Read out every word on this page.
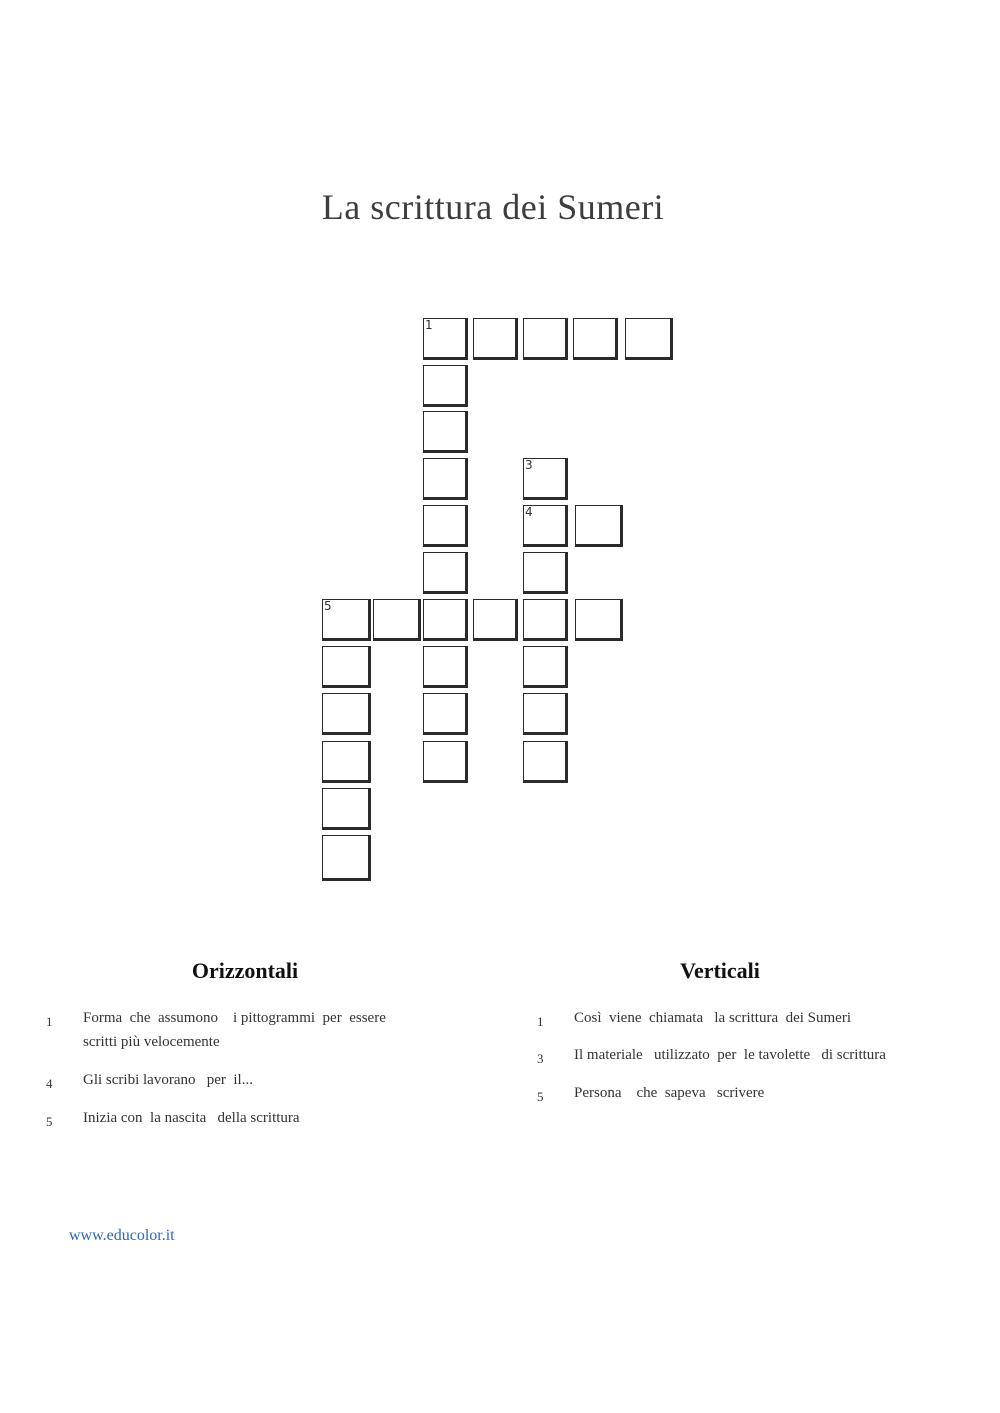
La scrittura dei Sumeri
1
3
4
5
Orizzontali	Verticali
1	Forma  che  assumono    i pittogrammi  per  essere
scritti più velocemente
4	Gli scribi lavorano   per  il...
5	Inizia con  la nascita   della scrittura
1	Così  viene  chiamata   la scrittura  dei Sumeri
3	Il materiale   utilizzato  per  le tavolette   di scrittura
5	Persona    che  sapeva   scrivere
www.educolor.it
